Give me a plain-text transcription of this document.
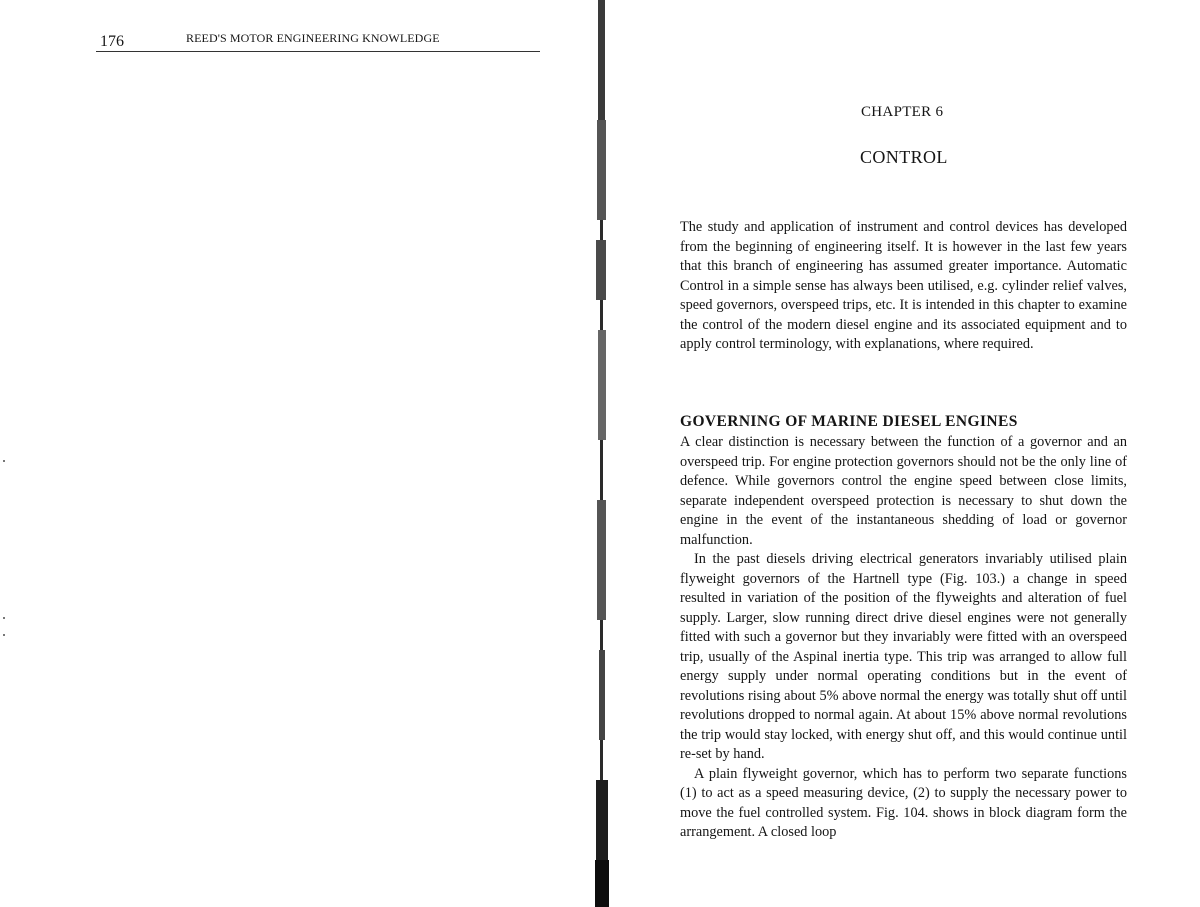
176	REED'S MOTOR ENGINEERING KNOWLEDGE
CHAPTER 6
CONTROL

The study and application of instrument and control devices has developed from the beginning of engineering itself. It is however in the last few years that this branch of engineering has assumed greater importance. Automatic Control in a simple sense has always been utilised, e.g. cylinder relief valves, speed governors, overspeed trips, etc. It is intended in this chapter to examine the control of the modern diesel engine and its associated equipment and to apply control terminology, with explanations, where required.

GOVERNING OF MARINE DIESEL ENGINES

A clear distinction is necessary between the function of a governor and an overspeed trip. For engine protection governors should not be the only line of defence. While governors control the engine speed between close limits, separate independent overspeed protection is necessary to shut down the engine in the event of the instantaneous shedding of load or governor malfunction.

In the past diesels driving electrical generators invariably utilised plain flyweight governors of the Hartnell type (Fig. 103.) a change in speed resulted in variation of the position of the flyweights and alteration of fuel supply. Larger, slow running direct drive diesel engines were not generally fitted with such a governor but they invariably were fitted with an overspeed trip, usually of the Aspinal inertia type. This trip was arranged to allow full energy supply under normal operating conditions but in the event of revolutions rising about 5% above normal the energy was totally shut off until revolutions dropped to normal again. At about 15% above normal revolutions the trip would stay locked, with energy shut off, and this would continue until re-set by hand.

A plain flyweight governor, which has to perform two separate functions (1) to act as a speed measuring device, (2) to supply the necessary power to move the fuel controlled system. Fig. 104. shows in block diagram form the arrangement. A closed loop
